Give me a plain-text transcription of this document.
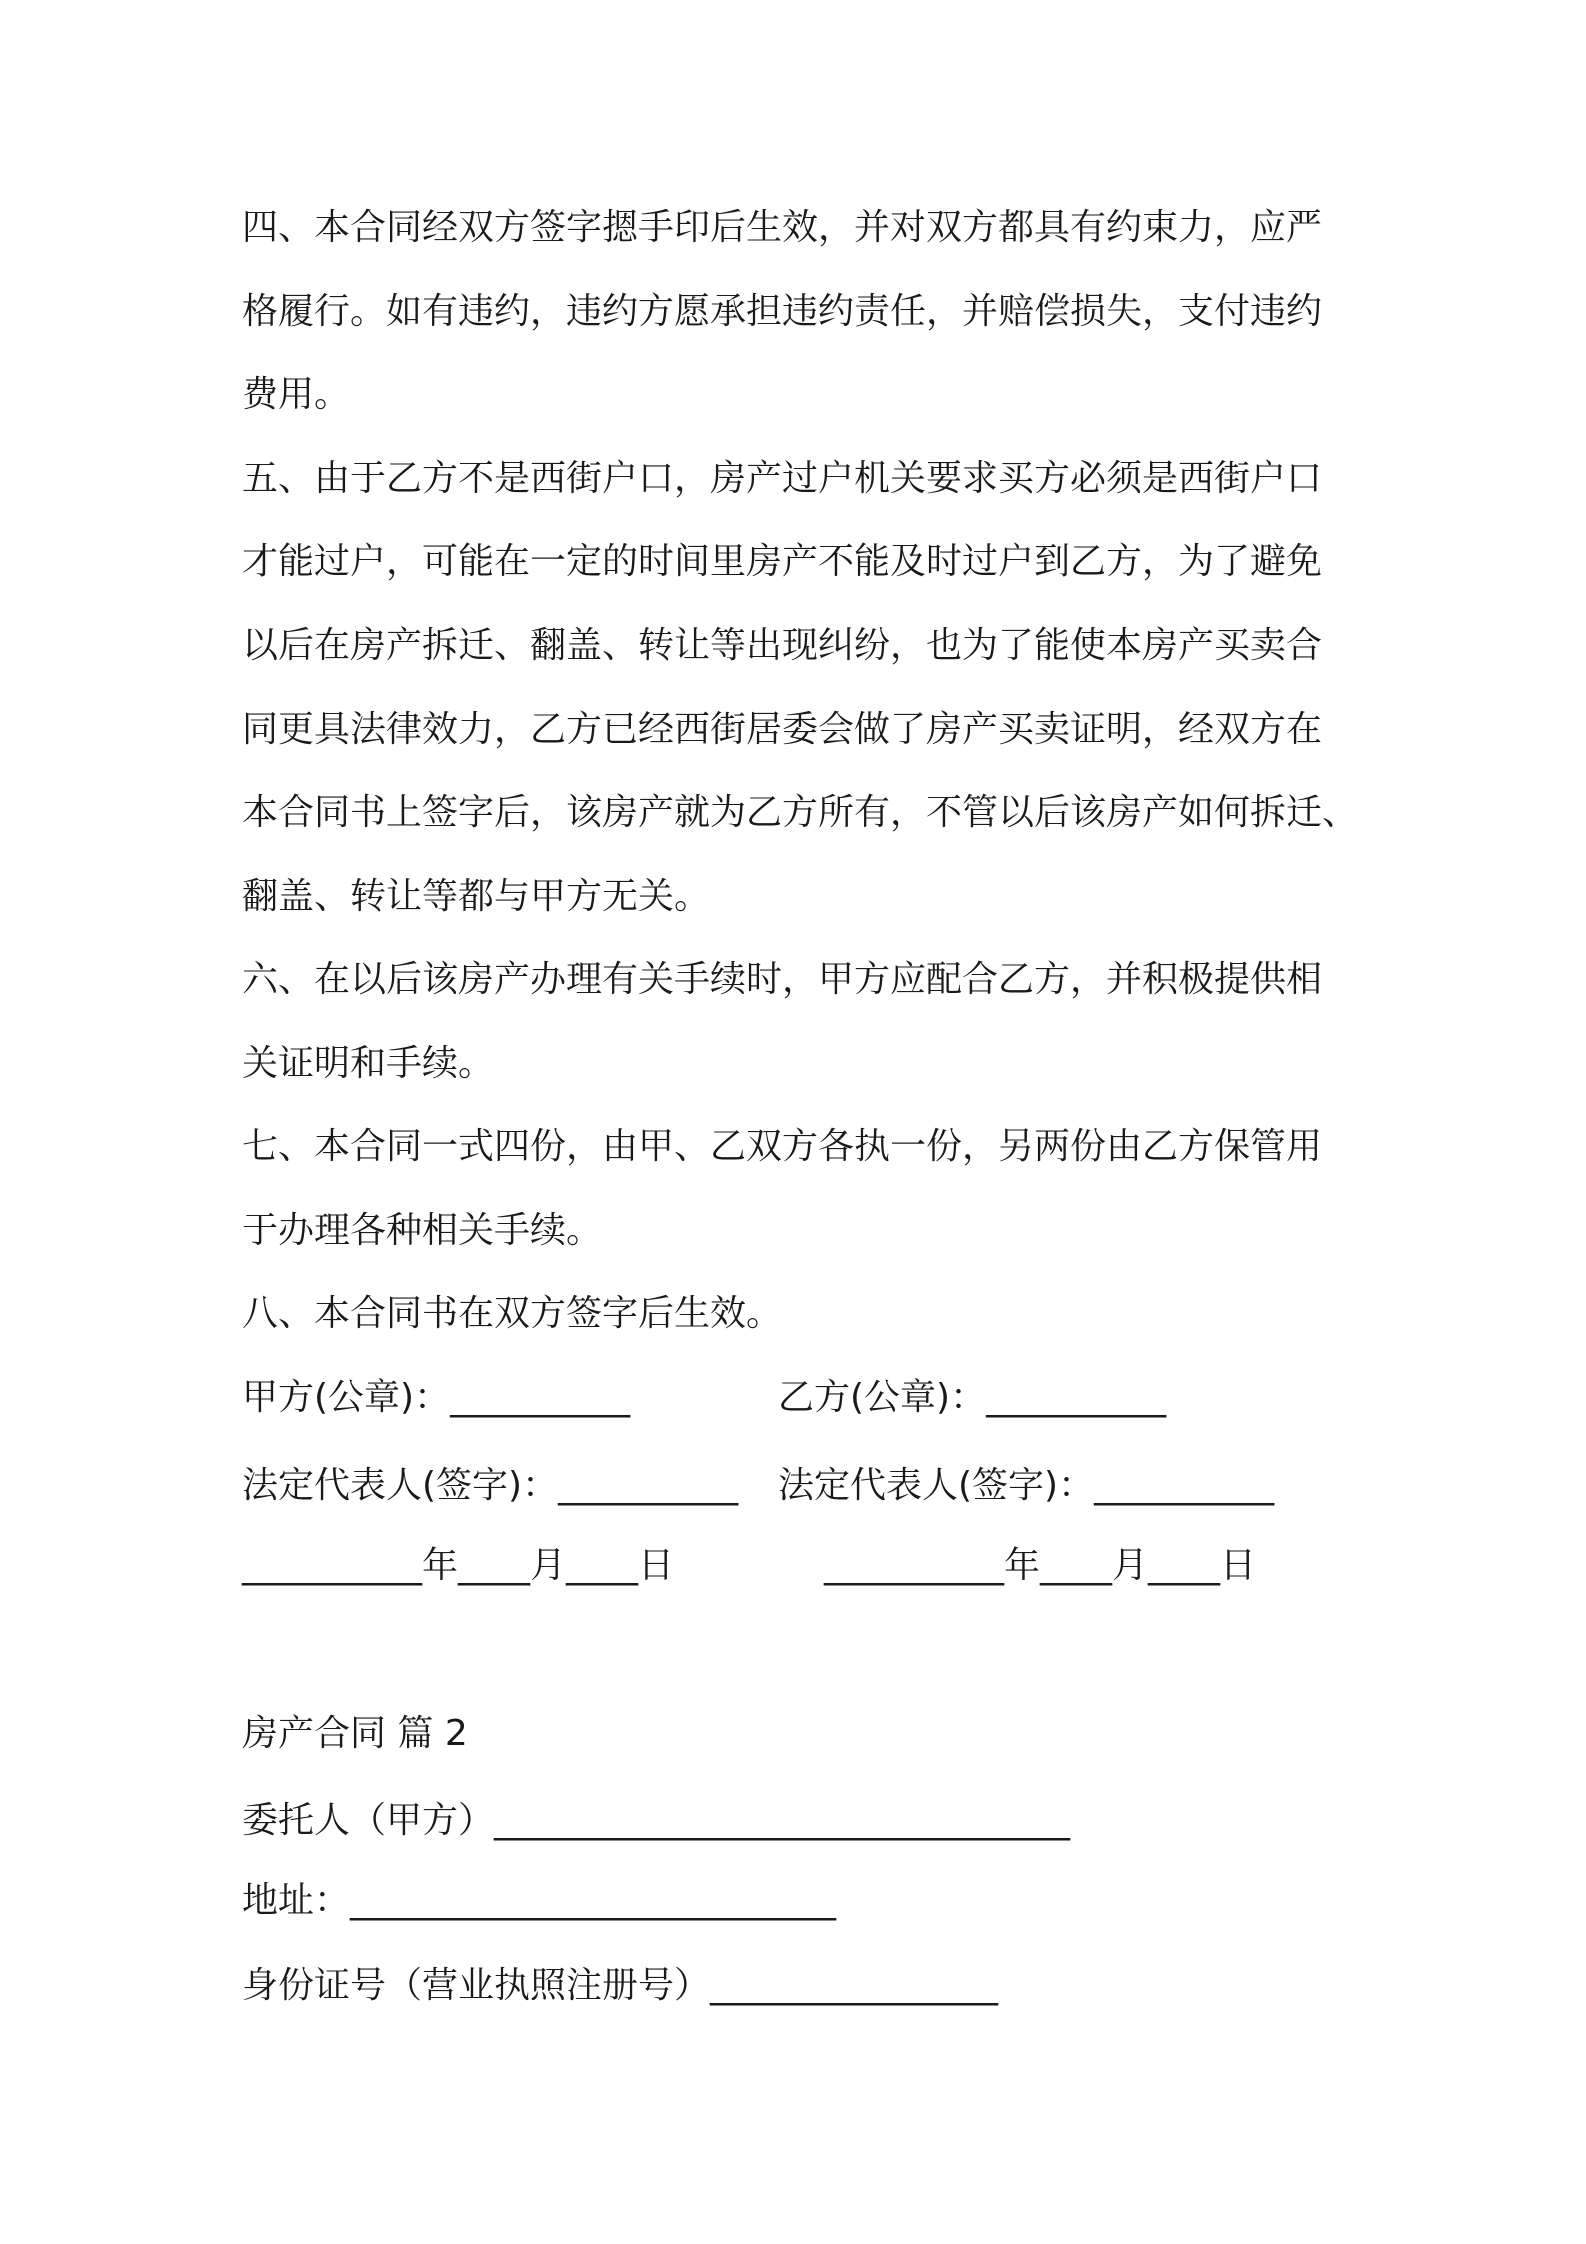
四、本合同经双方签字摁手印后生效，并对双方都具有约束力，应严
格履行。如有违约，违约方愿承担违约责任，并赔偿损失，支付违约
费用。
五、由于乙方不是西街户口，房产过户机关要求买方必须是西街户口
才能过户，可能在一定的时间里房产不能及时过户到乙方，为了避免
以后在房产拆迁、翻盖、转让等出现纠纷，也为了能使本房产买卖合
同更具法律效力，乙方已经西街居委会做了房产买卖证明，经双方在
本合同书上签字后，该房产就为乙方所有，不管以后该房产如何拆迁、
翻盖、转让等都与甲方无关。
六、在以后该房产办理有关手续时，甲方应配合乙方，并积极提供相
关证明和手续。
七、本合同一式四份，由甲、乙双方各执一份，另两份由乙方保管用
于办理各种相关手续。
八、本合同书在双方签字后生效。
甲方(公章)：__________	乙方(公章)：__________
法定代表人(签字)：__________ 法定代表人(签字)：__________
__________年____月____日	__________年____月____日
房产合同 篇 2
委托人（甲方）________________________________
地址：___________________________
身份证号（营业执照注册号）________________
